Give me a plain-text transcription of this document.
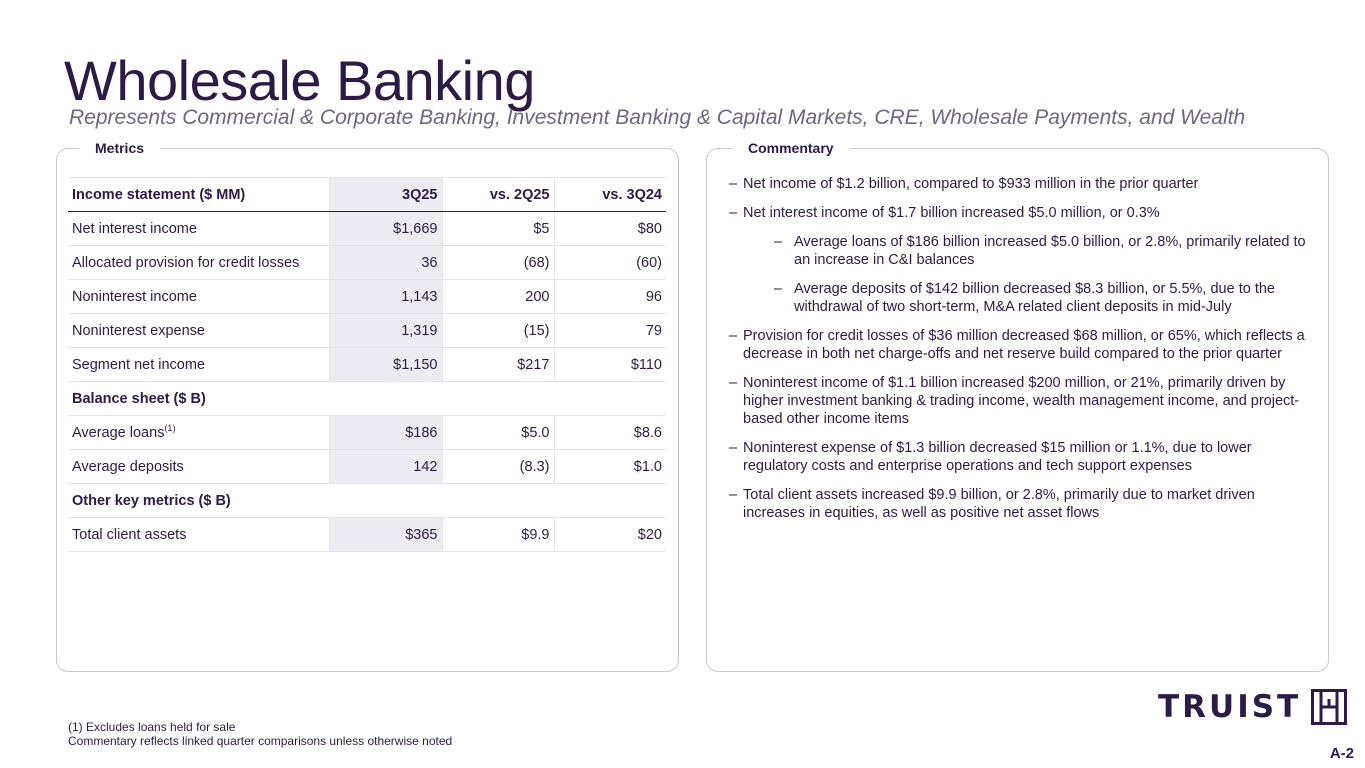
Wholesale Banking
Represents Commercial & Corporate Banking, Investment Banking & Capital Markets, CRE, Wholesale Payments, and Wealth
Metrics
Income statement ($ MM)	3Q25	vs. 2Q25	vs. 3Q24
Net interest income	$1,669	$5	$80
Allocated provision for credit losses	36	(68)	(60)
Noninterest income	1,143	200	96
Noninterest expense	1,319	(15)	79
Segment net income	$1,150	$217	$110
Balance sheet ($ B)			
Average loans$^{(1)}$	$186	$5.0	$8.6
Average deposits	142	(8.3)	$1.0
Other key metrics ($ B)			
Total client assets	$365	$9.9	$20
Commentary
– Net income of $1.2 billion, compared to $933 million in the prior quarter
– Net interest income of $1.7 billion increased $5.0 million, or 0.3%
– Average loans of $186 billion increased $5.0 billion, or 2.8%, primarily related to an increase in C&I balances
– Average deposits of $142 billion decreased $8.3 billion, or 5.5%, due to the withdrawal of two short-term, M&A related client deposits in mid-July
– Provision for credit losses of $36 million decreased $68 million, or 65%, which reflects a decrease in both net charge-offs and net reserve build compared to the prior quarter
– Noninterest income of $1.1 billion increased $200 million, or 21%, primarily driven by higher investment banking & trading income, wealth management income, and project-based other income items
– Noninterest expense of $1.3 billion decreased $15 million or 1.1%, due to lower regulatory costs and enterprise operations and tech support expenses
– Total client assets increased $9.9 billion, or 2.8%, primarily due to market driven increases in equities, as well as positive net asset flows
(1) Excludes loans held for sale
Commentary reflects linked quarter comparisons unless otherwise noted
TRUIST
A-2
